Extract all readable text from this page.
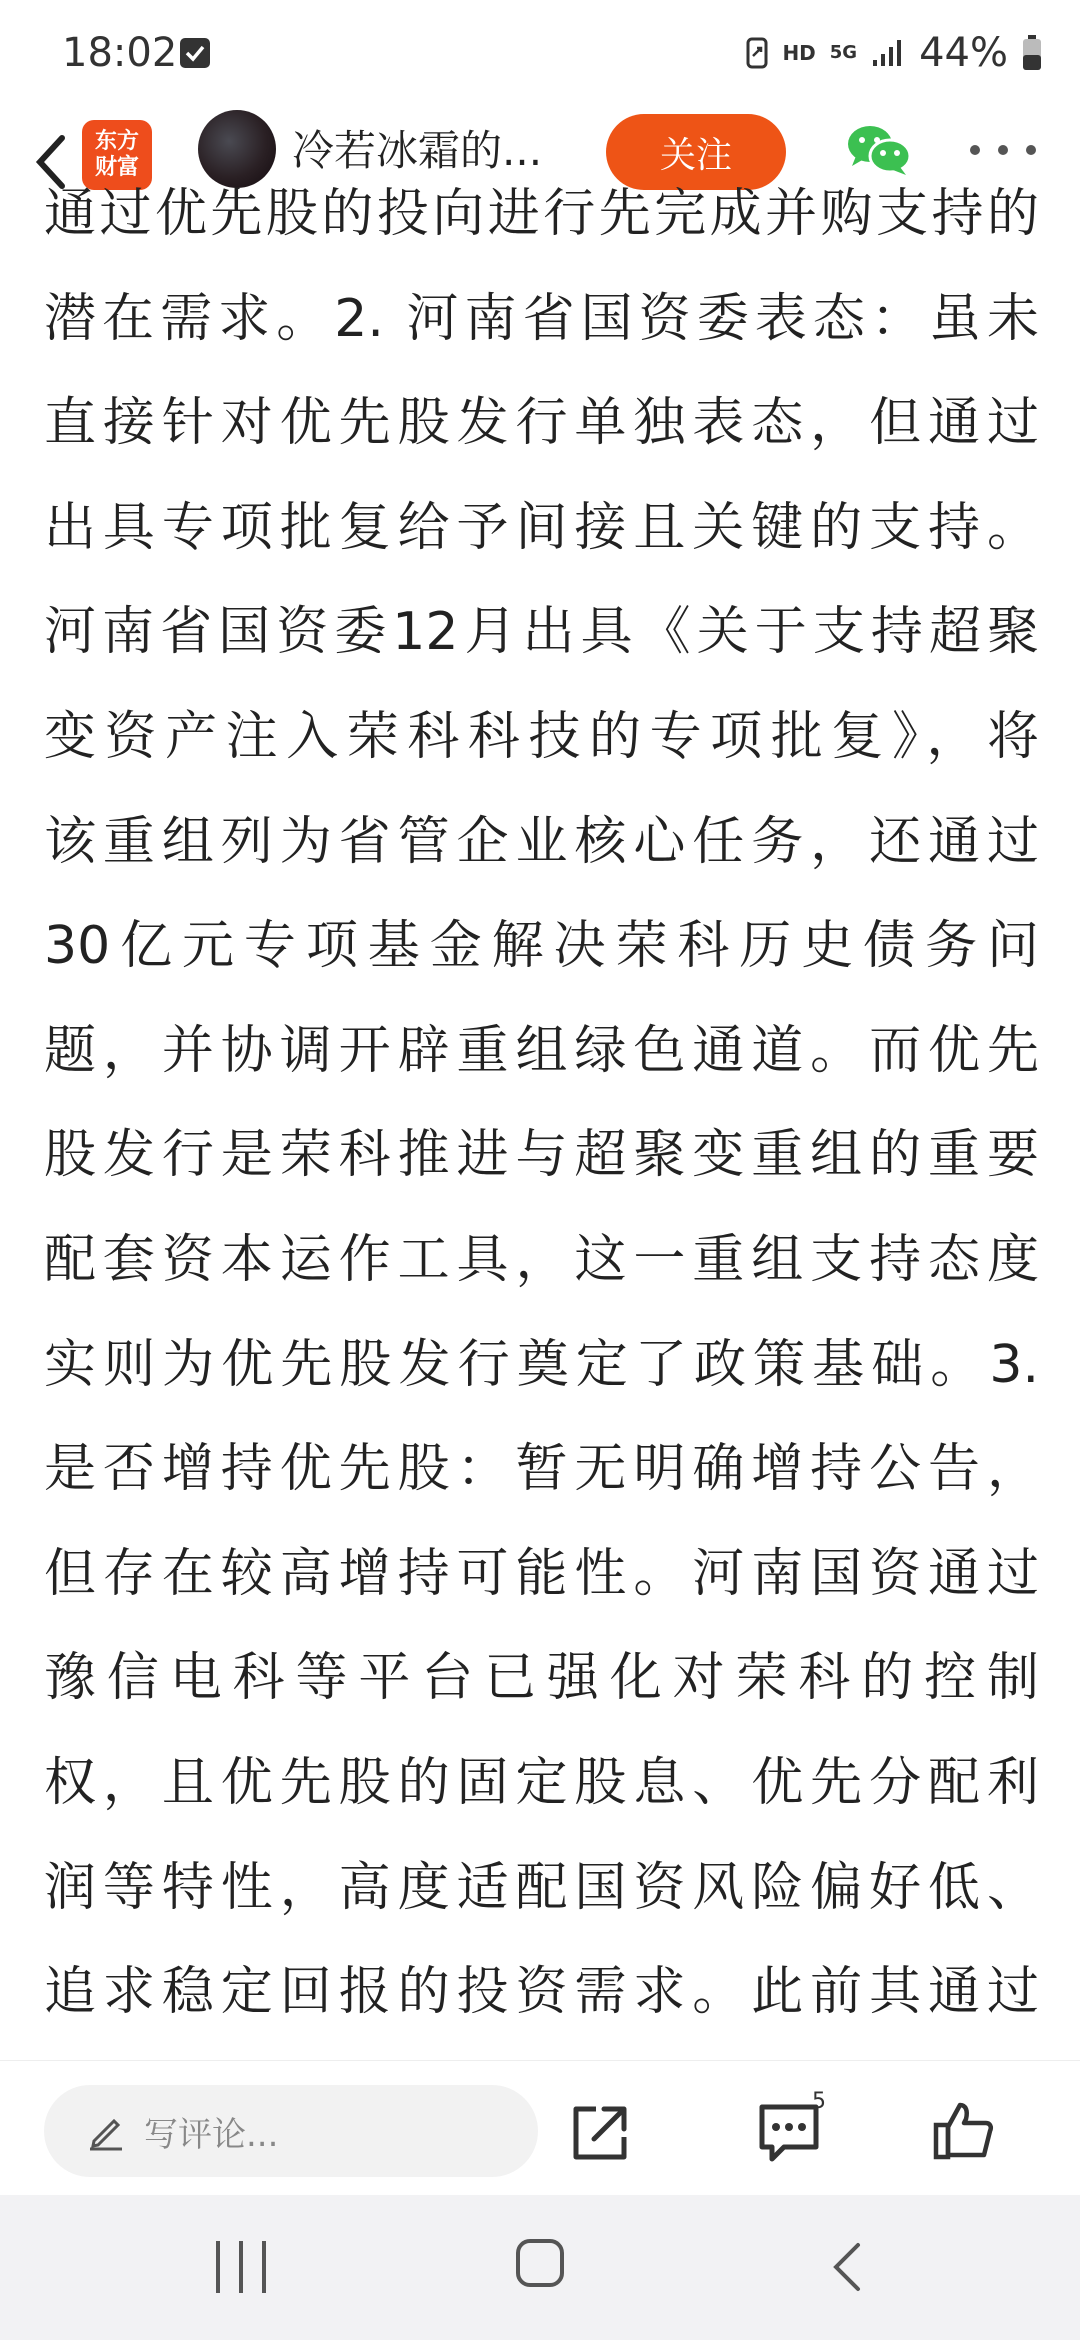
18:02	HD 5G 44%
东方
财富	冷若冰霜的...	关注
通过优先股的投向进行先完成并购支持的
潜在需求。2. 河南省国资委表态：虽未
直接针对优先股发行单独表态，但通过
出具专项批复给予间接且关键的支持。
河南省国资委12月出具《关于支持超聚
变资产注入荣科科技的专项批复》，将
该重组列为省管企业核心任务，还通过
30亿元专项基金解决荣科历史债务问
题，并协调开辟重组绿色通道。而优先
股发行是荣科推进与超聚变重组的重要
配套资本运作工具，这一重组支持态度
实则为优先股发行奠定了政策基础。3.
是否增持优先股：暂无明确增持公告，
但存在较高增持可能性。河南国资通过
豫信电科等平台已强化对荣科的控制
权，且优先股的固定股息、优先分配利
润等特性，高度适配国资风险偏好低、
追求稳定回报的投资需求。此前其通过
写评论...
5
